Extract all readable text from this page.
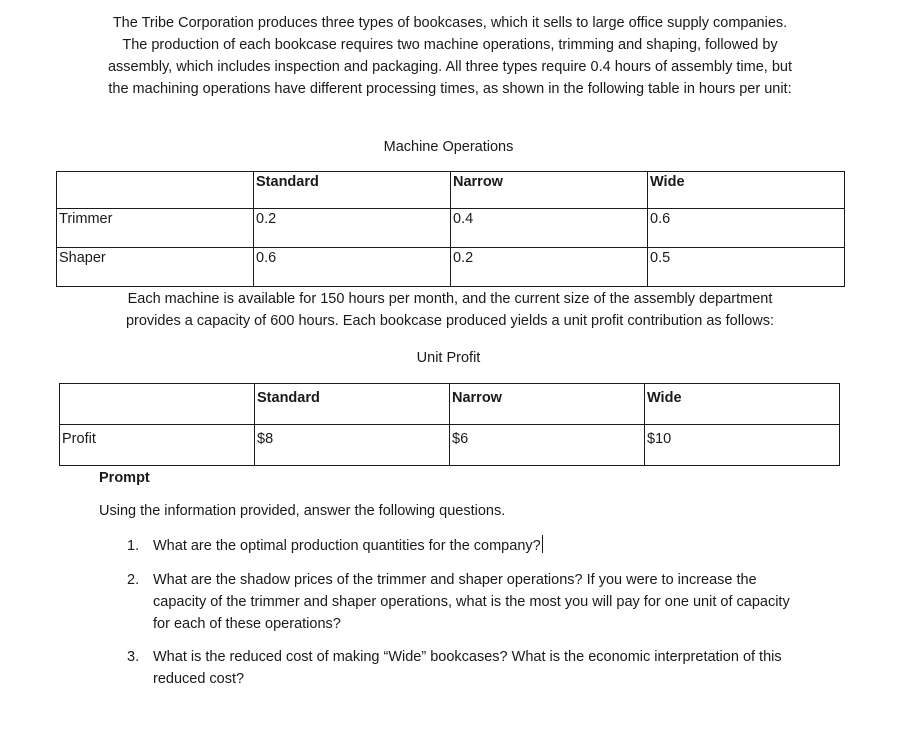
The Tribe Corporation produces three types of bookcases, which it sells to large office supply companies. The production of each bookcase requires two machine operations, trimming and shaping, followed by assembly, which includes inspection and packaging. All three types require 0.4 hours of assembly time, but the machining operations have different processing times, as shown in the following table in hours per unit:
Machine Operations
	Standard	Narrow	Wide
Trimmer	0.2	0.4	0.6
Shaper	0.6	0.2	0.5
Each machine is available for 150 hours per month, and the current size of the assembly department provides a capacity of 600 hours. Each bookcase produced yields a unit profit contribution as follows:
Unit Profit
	Standard	Narrow	Wide
Profit	$8	$6	$10
Prompt
Using the information provided, answer the following questions.
1. What are the optimal production quantities for the company?
2. What are the shadow prices of the trimmer and shaper operations? If you were to increase the capacity of the trimmer and shaper operations, what is the most you will pay for one unit of capacity for each of these operations?
3. What is the reduced cost of making “Wide” bookcases? What is the economic interpretation of this reduced cost?
